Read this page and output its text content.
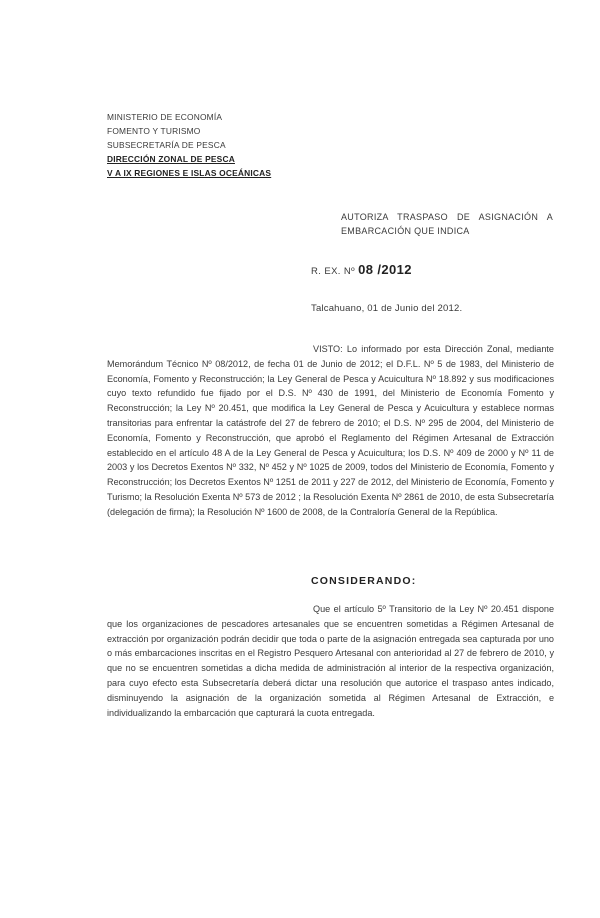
MINISTERIO DE ECONOMÍA
FOMENTO Y TURISMO
SUBSECRETARÍA DE PESCA
DIRECCIÓN ZONAL DE PESCA
V A IX REGIONES E ISLAS OCEÁNICAS
AUTORIZA TRASPASO DE ASIGNACIÓN A EMBARCACIÓN QUE INDICA
R. EX. Nº 08 /2012
Talcahuano, 01 de Junio del 2012.
VISTO: Lo informado por esta Dirección Zonal, mediante Memorándum Técnico Nº 08/2012, de fecha 01 de Junio de 2012; el D.F.L. Nº 5 de 1983, del Ministerio de Economía, Fomento y Reconstrucción; la Ley General de Pesca y Acuicultura Nº 18.892 y sus modificaciones cuyo texto refundido fue fijado por el D.S. Nº 430 de 1991, del Ministerio de Economía Fomento y Reconstrucción; la Ley Nº 20.451, que modifica la Ley General de Pesca y Acuicultura y establece normas transitorias para enfrentar la catástrofe del 27 de febrero de 2010; el D.S. Nº 295 de 2004, del Ministerio de Economía, Fomento y Reconstrucción, que aprobó el Reglamento del Régimen Artesanal de Extracción establecido en el artículo 48 A de la Ley General de Pesca y Acuicultura; los D.S. Nº 409 de 2000 y Nº 11 de 2003 y los Decretos Exentos Nº 332, Nº 452 y Nº 1025 de 2009, todos del Ministerio de Economía, Fomento y Reconstrucción; los Decretos Exentos Nº 1251 de 2011 y 227 de 2012, del Ministerio de Economía, Fomento y Turismo; la Resolución Exenta Nº 573 de 2012 ; la Resolución Exenta Nº 2861 de 2010, de esta Subsecretaría (delegación de firma); la Resolución Nº 1600 de 2008, de la Contraloría General de la República.
CONSIDERANDO:
Que el artículo 5º Transitorio de la Ley Nº 20.451 dispone que los organizaciones de pescadores artesanales que se encuentren sometidas a Régimen Artesanal de extracción por organización podrán decidir que toda o parte de la asignación entregada sea capturada por uno o más embarcaciones inscritas en el Registro Pesquero Artesanal con anterioridad al 27 de febrero de 2010, y que no se encuentren sometidas a dicha medida de administración al interior de la respectiva organización, para cuyo efecto esta Subsecretaría deberá dictar una resolución que autorice el traspaso antes indicado, disminuyendo la asignación de la organización sometida al Régimen Artesanal de Extracción, e individualizando la embarcación que capturará la cuota entregada.
